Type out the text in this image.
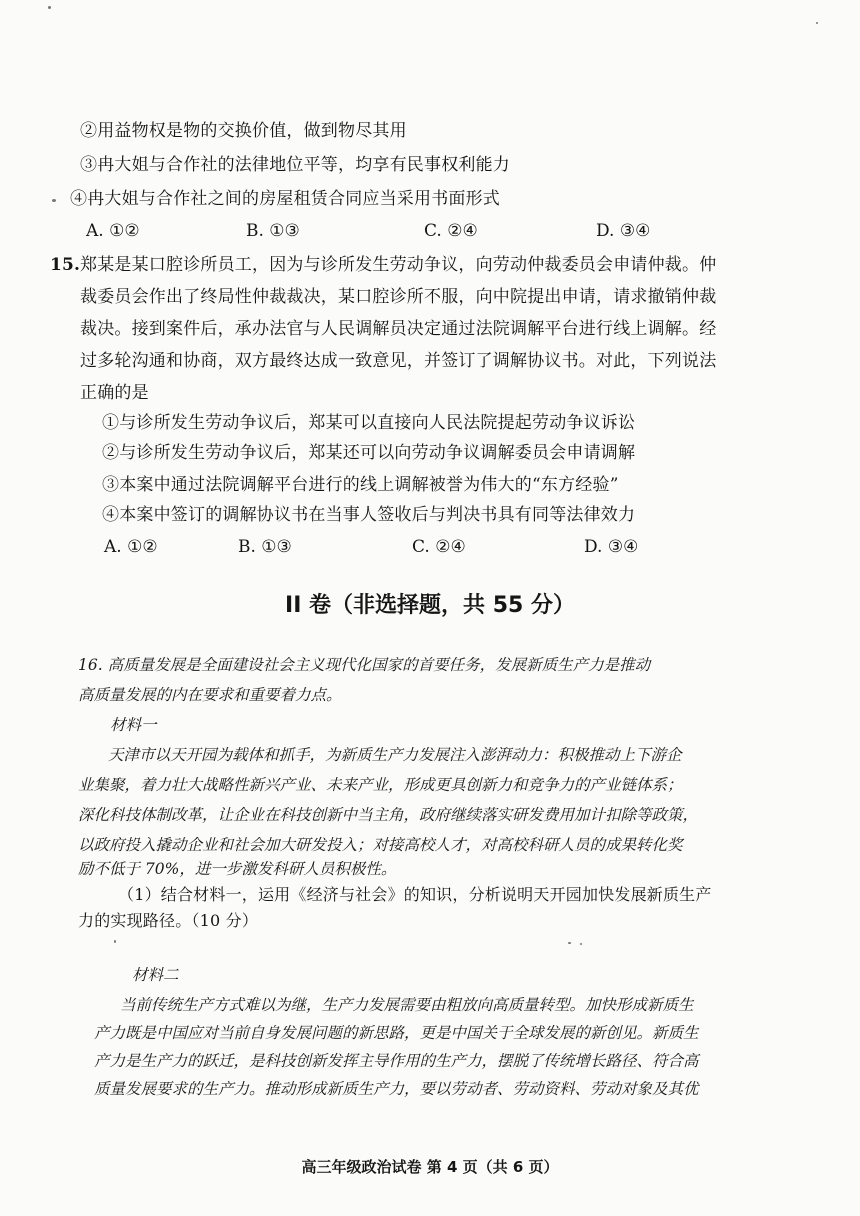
②用益物权是物的交换价值，做到物尽其用
③冉大姐与合作社的法律地位平等，均享有民事权利能力
④冉大姐与合作社之间的房屋租赁合同应当采用书面形式
A. ①②	B. ①③	C. ②④	D. ③④
15. 郑某是某口腔诊所员工，因为与诊所发生劳动争议，向劳动仲裁委员会申请仲裁。仲
裁委员会作出了终局性仲裁裁决，某口腔诊所不服，向中院提出申请，请求撤销仲裁
裁决。接到案件后，承办法官与人民调解员决定通过法院调解平台进行线上调解。经
过多轮沟通和协商，双方最终达成一致意见，并签订了调解协议书。对此，下列说法
正确的是
①与诊所发生劳动争议后，郑某可以直接向人民法院提起劳动争议诉讼
②与诊所发生劳动争议后，郑某还可以向劳动争议调解委员会申请调解
③本案中通过法院调解平台进行的线上调解被誉为伟大的“东方经验”
④本案中签订的调解协议书在当事人签收后与判决书具有同等法律效力
A. ①②	B. ①③	C. ②④	D. ③④
II 卷（非选择题，共 55 分）
16. 高质量发展是全面建设社会主义现代化国家的首要任务，发展新质生产力是推动
高质量发展的内在要求和重要着力点。
材料一
天津市以天开园为载体和抓手，为新质生产力发展注入澎湃动力：积极推动上下游企
业集聚，着力壮大战略性新兴产业、未来产业，形成更具创新力和竞争力的产业链体系；
深化科技体制改革，让企业在科技创新中当主角，政府继续落实研发费用加计扣除等政策，
以政府投入撬动企业和社会加大研发投入；对接高校人才，对高校科研人员的成果转化奖
励不低于 70%，进一步激发科研人员积极性。
（1）结合材料一，运用《经济与社会》的知识，分析说明天开园加快发展新质生产
力的实现路径。（10 分）
材料二
当前传统生产方式难以为继，生产力发展需要由粗放向高质量转型。加快形成新质生
产力既是中国应对当前自身发展问题的新思路，更是中国关于全球发展的新创见。新质生
产力是生产力的跃迁，是科技创新发挥主导作用的生产力，摆脱了传统增长路径、符合高
质量发展要求的生产力。推动形成新质生产力，要以劳动者、劳动资料、劳动对象及其优
高三年级政治试卷 第 4 页（共 6 页）
